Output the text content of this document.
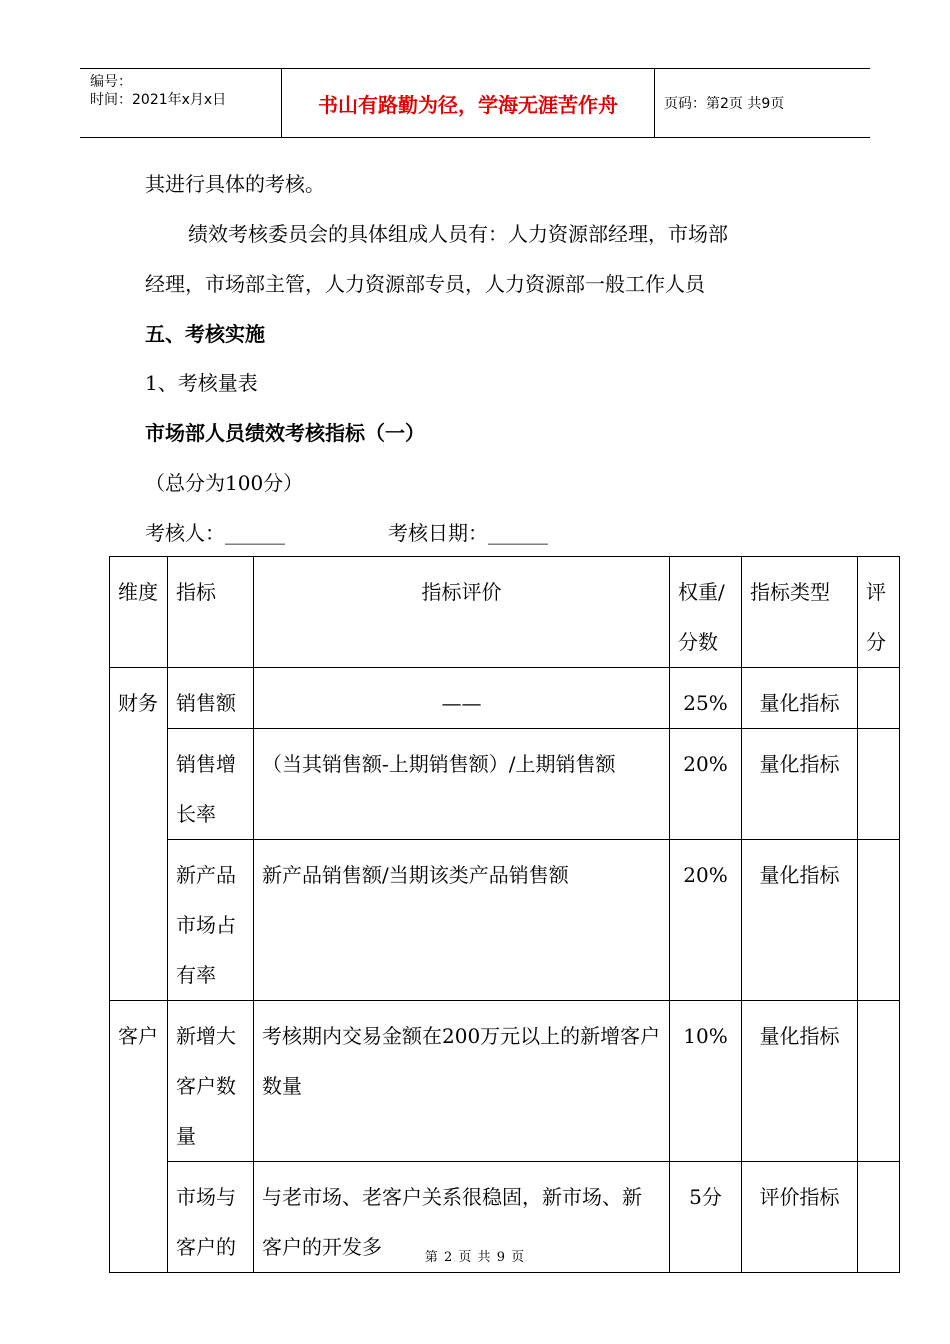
编号：
时间：2021年x月x日	书山有路勤为径，学海无涯苦作舟	页码：第2页 共9页
其进行具体的考核。
绩效考核委员会的具体组成人员有：人力资源部经理，市场部
经理，市场部主管，人力资源部专员，人力资源部一般工作人员
五、考核实施
1、考核量表
市场部人员绩效考核指标（一）
（总分为100分）
考核人：______	考核日期：______
维度	指标	指标评价	权重/分数	指标类型	评分
财务	销售额	——	25%	量化指标	
	销售增长率	（当其销售额-上期销售额）/上期销售额	20%	量化指标	
	新产品市场占有率	新产品销售额/当期该类产品销售额	20%	量化指标	
客户	新增大客户数量	考核期内交易金额在200万元以上的新增客户数量	10%	量化指标	
	市场与客户的	与老市场、老客户关系很稳固，新市场、新客户的开发多	5分	评价指标	
第 2 页 共 9 页
